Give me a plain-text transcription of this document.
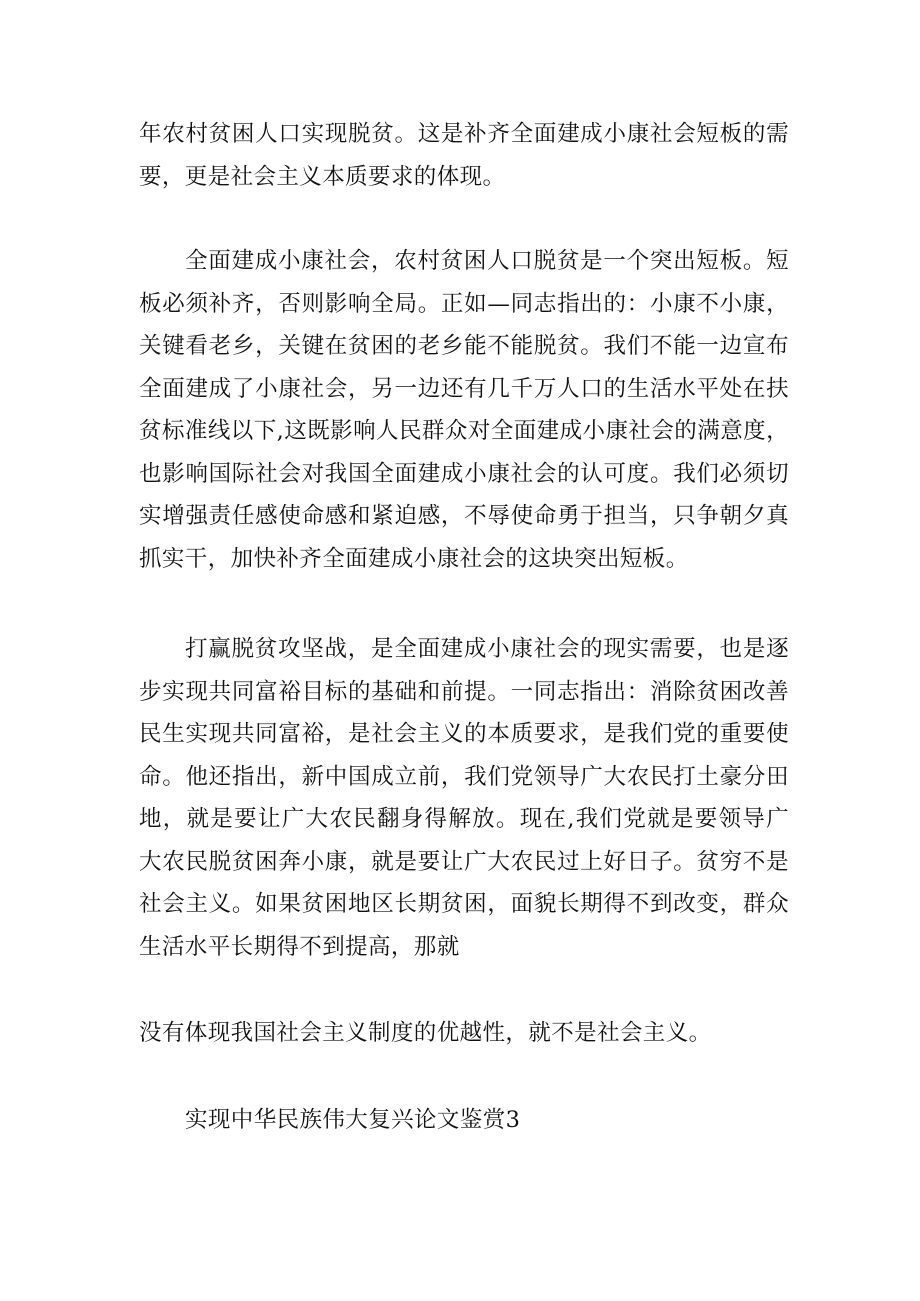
年农村贫困人口实现脱贫。这是补齐全面建成小康社会短板的需
要，更是社会主义本质要求的体现。

全面建成小康社会，农村贫困人口脱贫是一个突出短板。短
板必须补齐，否则影响全局。正如—同志指出的：小康不小康，
关键看老乡，关键在贫困的老乡能不能脱贫。我们不能一边宣布
全面建成了小康社会，另一边还有几千万人口的生活水平处在扶
贫标准线以下,这既影响人民群众对全面建成小康社会的满意度，
也影响国际社会对我国全面建成小康社会的认可度。我们必须切
实增强责任感使命感和紧迫感，不辱使命勇于担当，只争朝夕真
抓实干，加快补齐全面建成小康社会的这块突出短板。

打赢脱贫攻坚战，是全面建成小康社会的现实需要，也是逐
步实现共同富裕目标的基础和前提。一同志指出：消除贫困改善
民生实现共同富裕，是社会主义的本质要求，是我们党的重要使
命。他还指出，新中国成立前，我们党领导广大农民打土豪分田
地，就是要让广大农民翻身得解放。现在,我们党就是要领导广
大农民脱贫困奔小康，就是要让广大农民过上好日子。贫穷不是
社会主义。如果贫困地区长期贫困，面貌长期得不到改变，群众
生活水平长期得不到提高，那就

没有体现我国社会主义制度的优越性，就不是社会主义。

实现中华民族伟大复兴论文鉴赏3
